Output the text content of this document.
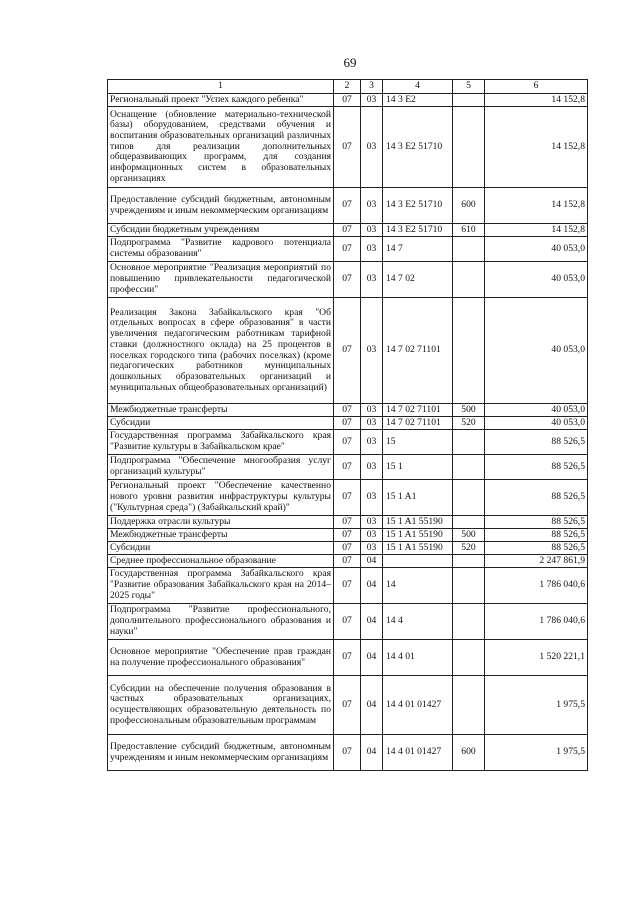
69
1	2	3	4	5	6
Региональный проект "Успех каждого ребенка"	07	03	14 3 E2		14 152,8
Оснащение (обновление материально-технической базы) оборудованием, средствами обучения и воспитания образовательных организаций различных типов для реализации дополнительных общеразвивающих программ, для создания информационных систем в образовательных организациях	07	03	14 3 E2 51710		14 152,8
Предоставление субсидий бюджетным, автономным учреждениям и иным некоммерческим организациям	07	03	14 3 E2 51710	600	14 152,8
Субсидии бюджетным учреждениям	07	03	14 3 E2 51710	610	14 152,8
Подпрограмма "Развитие кадрового потенциала системы образования"	07	03	14 7		40 053,0
Основное мероприятие "Реализация мероприятий по повышению привлекательности педагогической профессии"	07	03	14 7 02		40 053,0
Реализация Закона Забайкальского края "Об отдельных вопросах в сфере образования" в части увеличения педагогическим работникам тарифной ставки (должностного оклада) на 25 процентов в поселках городского типа (рабочих поселках) (кроме педагогических работников муниципальных дошкольных образовательных организаций и муниципальных общеобразовательных организаций)	07	03	14 7 02 71101		40 053,0
Межбюджетные трансферты	07	03	14 7 02 71101	500	40 053,0
Субсидии	07	03	14 7 02 71101	520	40 053,0
Государственная программа Забайкальского края "Развитие культуры в Забайкальском крае"	07	03	15		88 526,5
Подпрограмма "Обеспечение многообразия услуг организаций культуры"	07	03	15 1		88 526,5
Региональный проект "Обеспечение качественно нового уровня развития инфраструктуры культуры ("Культурная среда") (Забайкальский край)"	07	03	15 1 A1		88 526,5
Поддержка отрасли культуры	07	03	15 1 A1 55190		88 526,5
Межбюджетные трансферты	07	03	15 1 A1 55190	500	88 526,5
Субсидии	07	03	15 1 A1 55190	520	88 526,5
Среднее профессиональное образование	07	04			2 247 861,9
Государственная программа Забайкальского края "Развитие образования Забайкальского края на 2014–2025 годы"	07	04	14		1 786 040,6
Подпрограмма "Развитие профессионального, дополнительного профессионального образования и науки"	07	04	14 4		1 786 040,6
Основное мероприятие "Обеспечение прав граждан на получение профессионального образования"	07	04	14 4 01		1 520 221,1
Субсидии на обеспечение получения образования в частных образовательных организациях, осуществляющих образовательную деятельность по профессиональным образовательным программам	07	04	14 4 01 01427		1 975,5
Предоставление субсидий бюджетным, автономным учреждениям и иным некоммерческим организациям	07	04	14 4 01 01427	600	1 975,5
